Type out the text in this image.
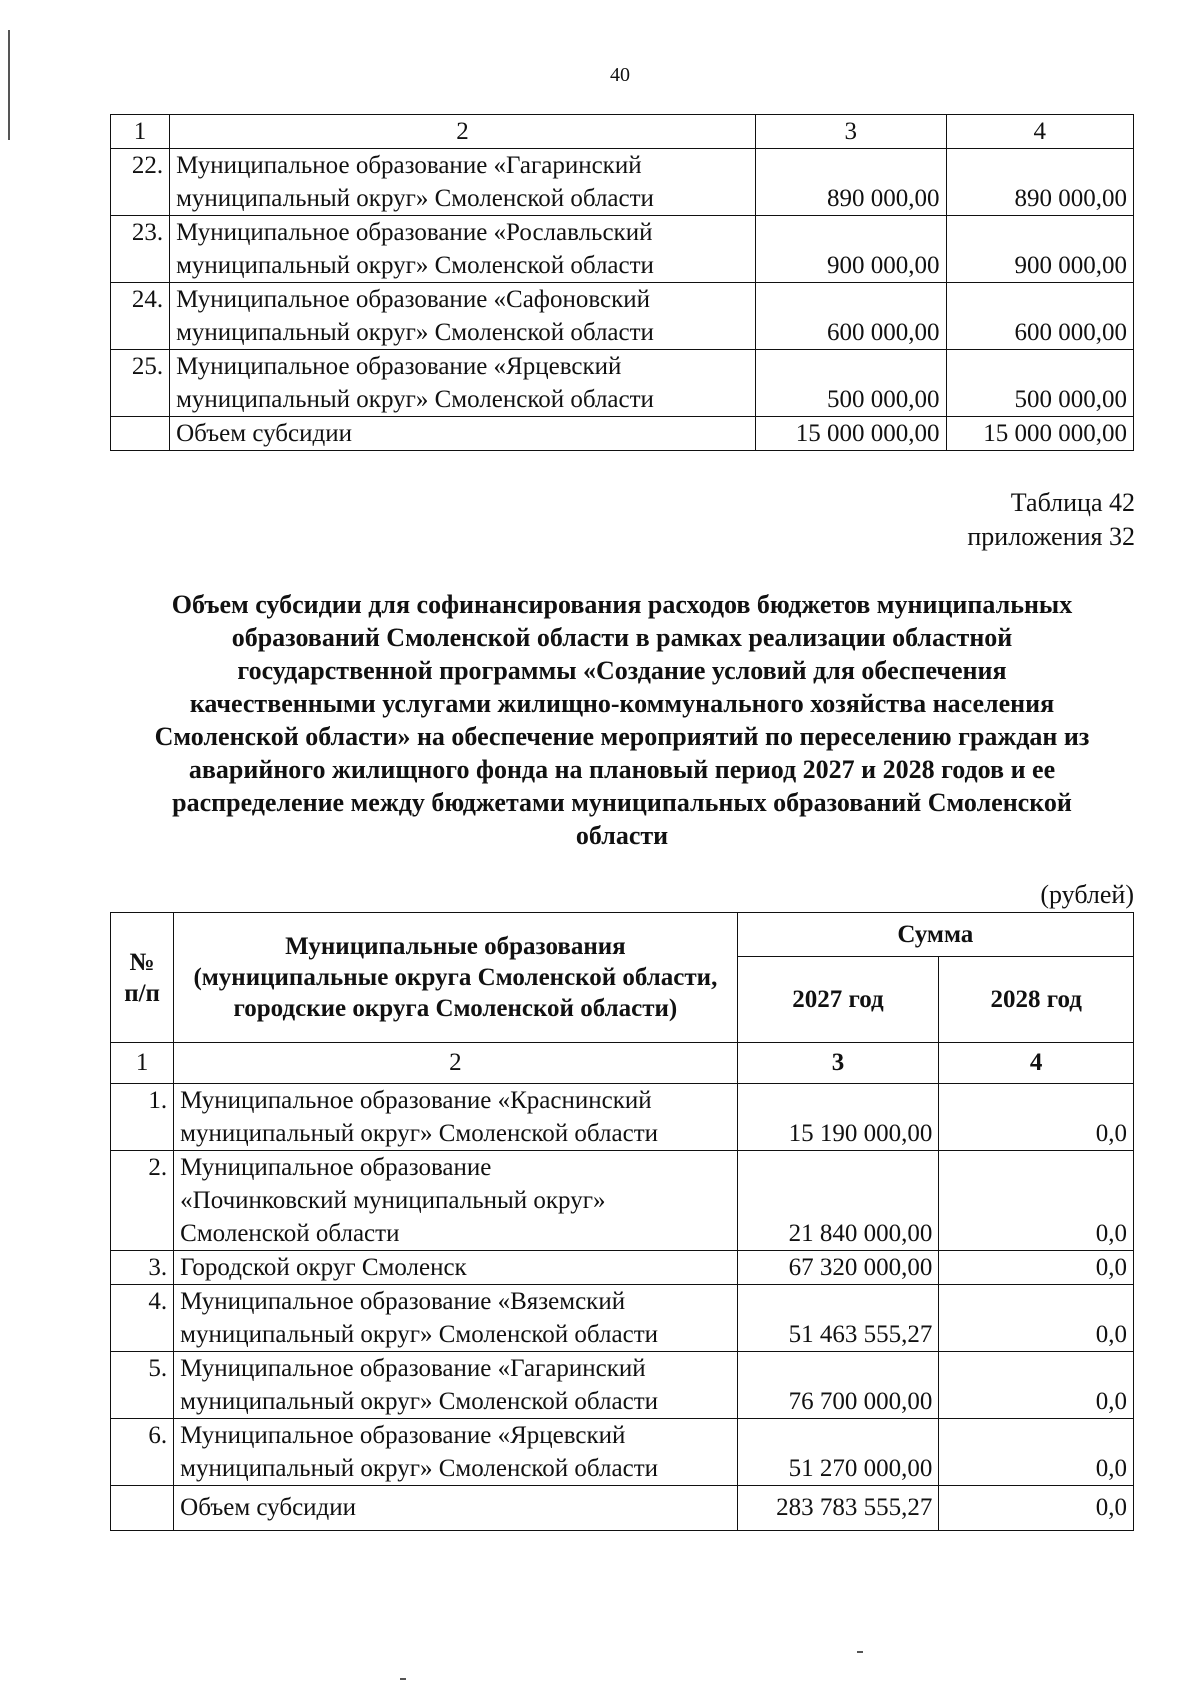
40
1	2	3	4
22.	Муниципальное образование «Гагаринский
муниципальный округ» Смоленской области	890 000,00	890 000,00
23.	Муниципальное образование «Рославльский
муниципальный округ» Смоленской области	900 000,00	900 000,00
24.	Муниципальное образование «Сафоновский
муниципальный округ» Смоленской области	600 000,00	600 000,00
25.	Муниципальное образование «Ярцевский
муниципальный округ» Смоленской области	500 000,00	500 000,00
	Объем субсидии	15 000 000,00	15 000 000,00
Таблица 42
приложения 32
Объем субсидии для софинансирования расходов бюджетов муниципальных
образований Смоленской области в рамках реализации областной
государственной программы «Создание условий для обеспечения
качественными услугами жилищно-коммунального хозяйства населения
Смоленской области» на обеспечение мероприятий по переселению граждан из
аварийного жилищного фонда на плановый период 2027 и 2028 годов и ее
распределение между бюджетами муниципальных образований Смоленской
области
(рублей)
№
п/п	Муниципальные образования (муниципальные округа Смоленской области, городские округа Смоленской области)	Сумма	
		2027 год	2028 год
1	2	3	4
1.	Муниципальное образование «Краснинский
муниципальный округ» Смоленской области	15 190 000,00	0,0
2.	Муниципальное образование
«Починковский муниципальный округ»
Смоленской области	21 840 000,00	0,0
3.	Городской округ Смоленск	67 320 000,00	0,0
4.	Муниципальное образование «Вяземский
муниципальный округ» Смоленской области	51 463 555,27	0,0
5.	Муниципальное образование «Гагаринский
муниципальный округ» Смоленской области	76 700 000,00	0,0
6.	Муниципальное образование «Ярцевский
муниципальный округ» Смоленской области	51 270 000,00	0,0
	Объем субсидии	283 783 555,27	0,0
